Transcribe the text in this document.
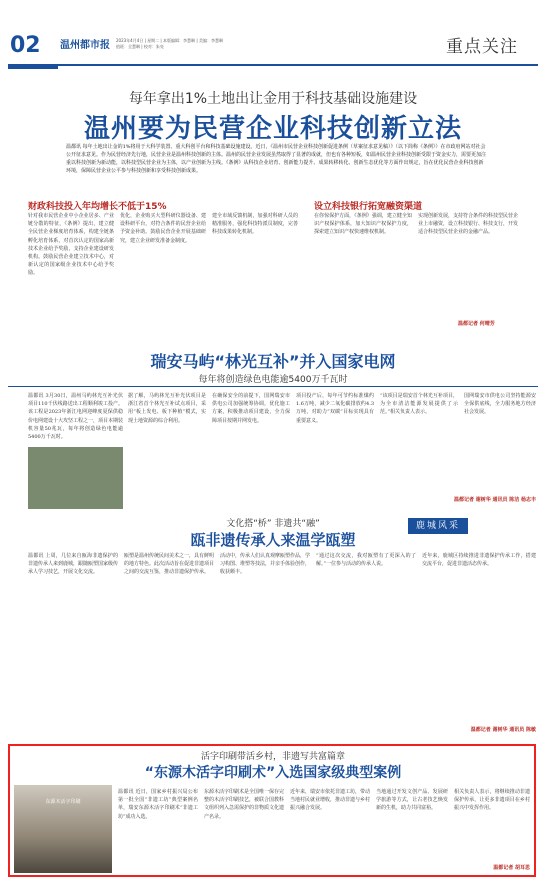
02 温州都市报 2023年4月4日 | 星期二 | 本版编辑：李慧琳 | 美编：李慧琳
值班：全慧琳 | 校对：朱亮	重点关注
每年拿出1%土地出让金用于科技基础设施建设
温州要为民营企业科技创新立法
温都讯 每年土地出让金的1%将用于大科学装置、重大科创平台和科技基础设施建设。近日，《温州市民营企业科技创新促进条例（草案征求意见稿）》（以下简称《条例》）在市政府网站对社会公开征求意见。作为民营经济先行地，民营企业是温州科技创新的主体。温州的民营企业发展虽然取得了显著的成就，但也有各种短板，如温州民营企业科技创新受限于资金实力，需要更加注重以科技创新为新动能，以科技型民营企业为主体，以产业创新为主线。《条例》从科技企业培育、创新能力提升、成果转移转化、创新生态优化等方面作出规定，旨在优化民营企业科技创新环境，保障民营企业公平参与科技创新和享受科技创新成果。
财政科技投入年均增长不低于15%	设立科技银行拓宽融资渠道
针对我市民营企业中小企业居多、产业链分散的特征，《条例》提出，建立健全民营企业梯度培育体系，构建全链条孵化培育体系，对首次认定的国家高新技术企业给予奖励，支持企业建设研发机构。鼓励民营企业建立技术中心，对新认定的国家级企业技术中心给予奖励。
优化，企业购买大型科研仪器设备、建设科研平台，对符合条件的民营企业给予资金补助。鼓励民营企业开展基础研究，建立企业研发准备金制度。
建全市域反馈机制，加强对科研人员的精准服务，强化科技特派员制度，完善科技成果转化机制。
在你惊保护方面，《条例》强调，建立健全知识产权保护体系，加大知识产权保护力度，探索建立知识产权快速维权机制。
实现创新发展，支持符合条件的科技型民营企业上市融资，设立科技银行、科技支行，开发适合科技型民营企业的金融产品。
温都记者 何晴芳
瑞安马屿“林光互补”并入国家电网
每年将创造绿色电能逾5400万千瓦时
温都讯 3月30日，温州马屿林光互补光伏项目110千伏线路送出工程顺利竣工投产。该工程是2023年浙江电网迎峰度夏保供稳价电网建设十大攻坚工程之一，项目本期装机容量50兆瓦，每年将创造绿色电能逾5400万千瓦时。
据了解，马屿林光互补光伏项目是浙江省首个林光互补试点项目，采用“板上发电、板下种植”模式，实现土地资源的综合利用。
在确保安全的前提下，国网瑞安市供电公司加强统筹协调，优化施工方案，积极推动项目建设，全力保障项目按期并网发电。
项目投产后，每年可节约标准煤约1.6万吨，减少二氧化碳排放约4.3万吨，对助力“双碳”目标实现具有重要意义。
“该项目是瑞安首个林光互补项目，为全市清洁能源发展提供了示范。”相关负责人表示。
国网瑞安市供电公司坚持能源安全保供底线，全力服务地方经济社会发展。
温都记者 谢树华 通讯员 陈洁 杨志丰
文化搭“桥” 非遗共“融”
瓯非遗传承人来温学瓯塑
鹿城风采
温都讯 上周，几位来自瓯海非遗保护的非遗传承人来到鹿城，跟随瓯塑国家级传承人学习技艺，开展文化交流。
瓯塑是温州传统民间美术之一，具有鲜明的地方特色。此次活动旨在促进非遗项目之间的交流互鉴，推动非遗保护传承。
活动中，传承人们认真观摩瓯塑作品，学习构图、堆塑等技法，并亲手体验创作，收获颇丰。
“通过这次交流，我对瓯塑有了更深入的了解。”一位参与活动的传承人说。
近年来，鹿城区持续推进非遗保护传承工作，搭建交流平台，促进非遗活态传承。
温都记者 谢树华 通讯员 陈敏
活字印刷带活乡村，非遗写共富篇章
“东源木活字印刷术”入选国家级典型案例
东源木活字印刷
温都讯 近日，国家乡村振兴局公布第一批全国“非遗工坊”典型案例名单，瑞安东源木活字印刷术“非遗工坊”成功入选。
东源木活字印刷术是全国唯一保存完整的木活字印刷技艺，被联合国教科文组织列入急需保护的非物质文化遗产名录。
近年来，瑞安市依托非遗工坊，带动当地村民就业增收，推动非遗与乡村振兴融合发展。
当地通过开发文创产品、发展研学旅游等方式，让古老技艺焕发新的生机，助力共同富裕。
相关负责人表示，将继续推动非遗保护传承，让更多非遗项目在乡村振兴中发挥作用。
温都记者 胡耳思
